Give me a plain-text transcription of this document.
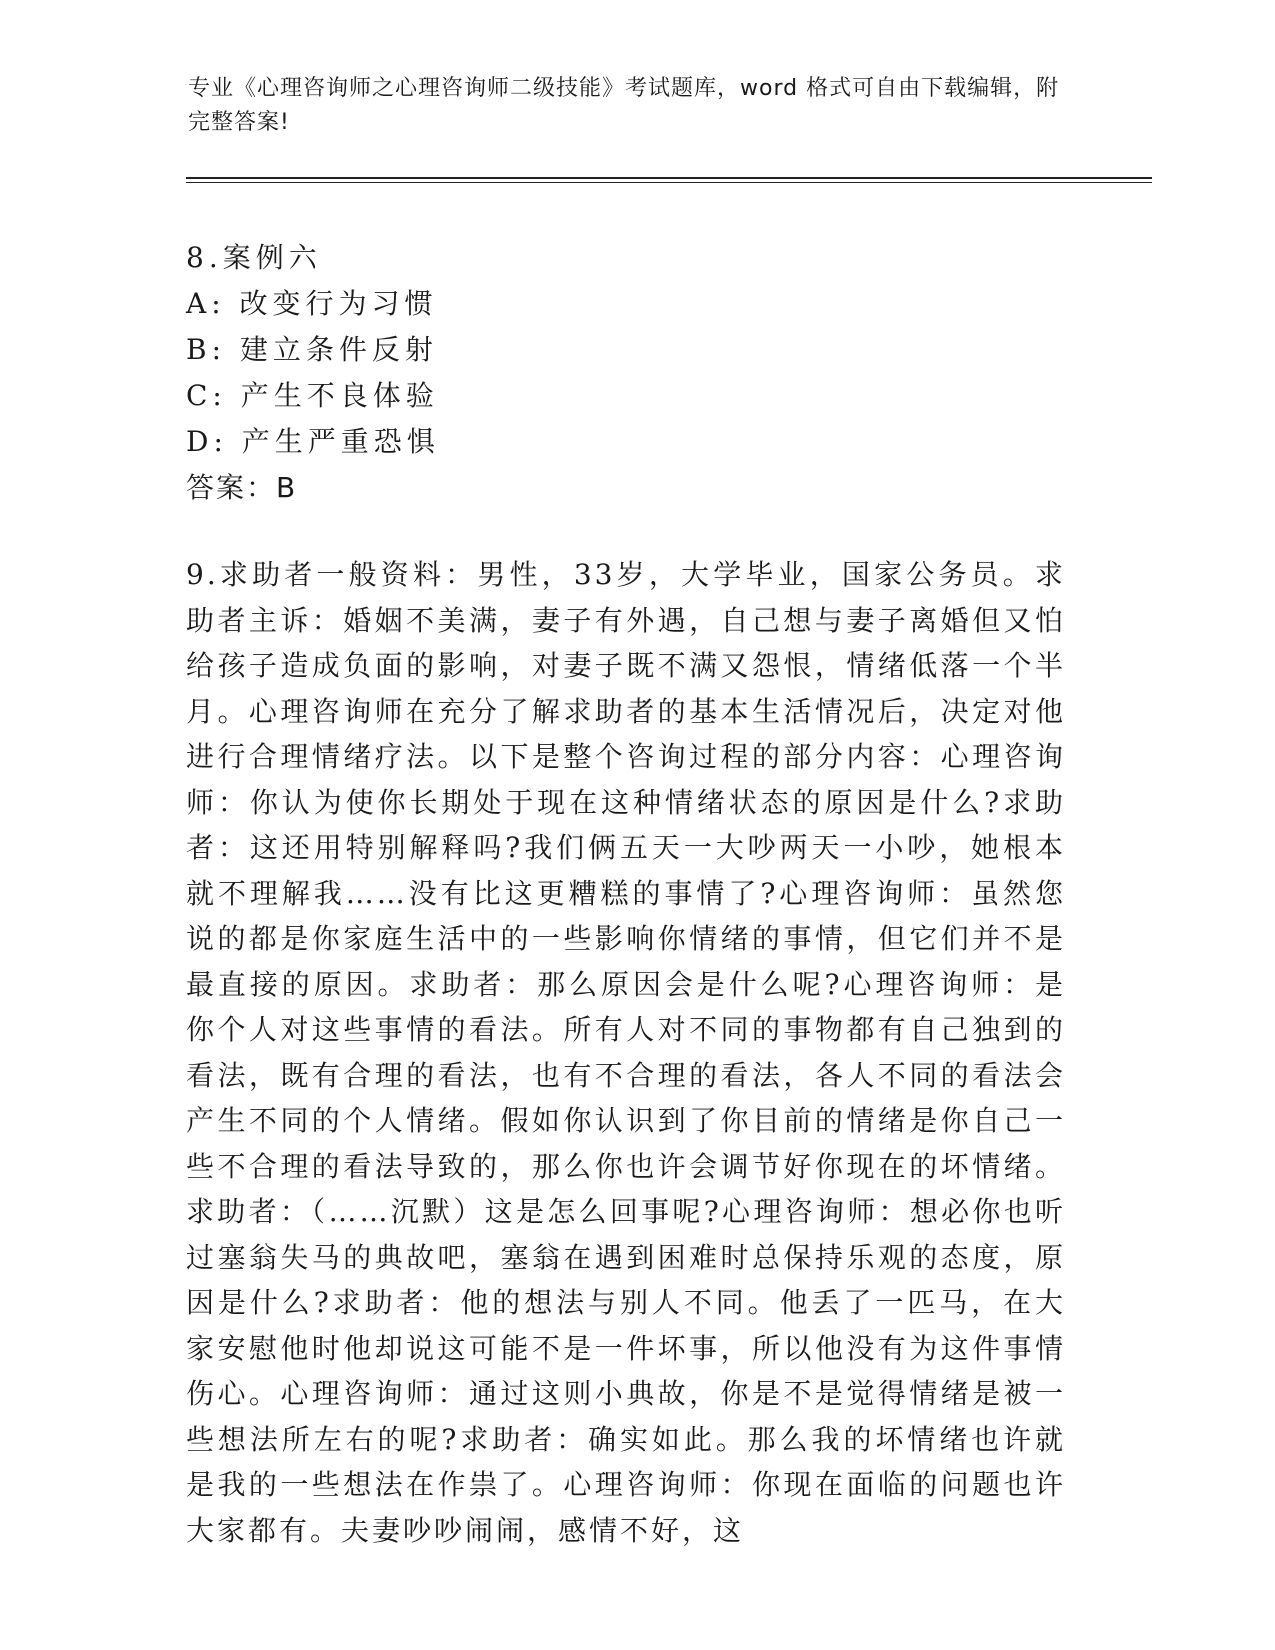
专业《心理咨询师之心理咨询师二级技能》考试题库，word 格式可自由下载编辑，附完整答案!
8.案例六
A: 改变行为习惯
B: 建立条件反射
C: 产生不良体验
D: 产生严重恐惧
答案：B
9.求助者一般资料：男性，33岁，大学毕业，国家公务员。求助者主诉：婚姻不美满，妻子有外遇，自己想与妻子离婚但又怕给孩子造成负面的影响，对妻子既不满又怨恨，情绪低落一个半月。心理咨询师在充分了解求助者的基本生活情况后，决定对他进行合理情绪疗法。以下是整个咨询过程的部分内容：心理咨询师：你认为使你长期处于现在这种情绪状态的原因是什么?求助者：这还用特别解释吗?我们俩五天一大吵两天一小吵，她根本就不理解我……没有比这更糟糕的事情了?心理咨询师：虽然您说的都是你家庭生活中的一些影响你情绪的事情，但它们并不是最直接的原因。求助者：那么原因会是什么呢?心理咨询师：是你个人对这些事情的看法。所有人对不同的事物都有自己独到的看法，既有合理的看法，也有不合理的看法，各人不同的看法会产生不同的个人情绪。假如你认识到了你目前的情绪是你自己一些不合理的看法导致的，那么你也许会调节好你现在的坏情绪。求助者：（……沉默）这是怎么回事呢?心理咨询师：想必你也听过塞翁失马的典故吧，塞翁在遇到困难时总保持乐观的态度，原因是什么?求助者：他的想法与别人不同。他丢了一匹马，在大家安慰他时他却说这可能不是一件坏事，所以他没有为这件事情伤心。心理咨询师：通过这则小典故，你是不是觉得情绪是被一些想法所左右的呢?求助者：确实如此。那么我的坏情绪也许就是我的一些想法在作祟了。心理咨询师：你现在面临的问题也许大家都有。夫妻吵吵闹闹，感情不好，这
